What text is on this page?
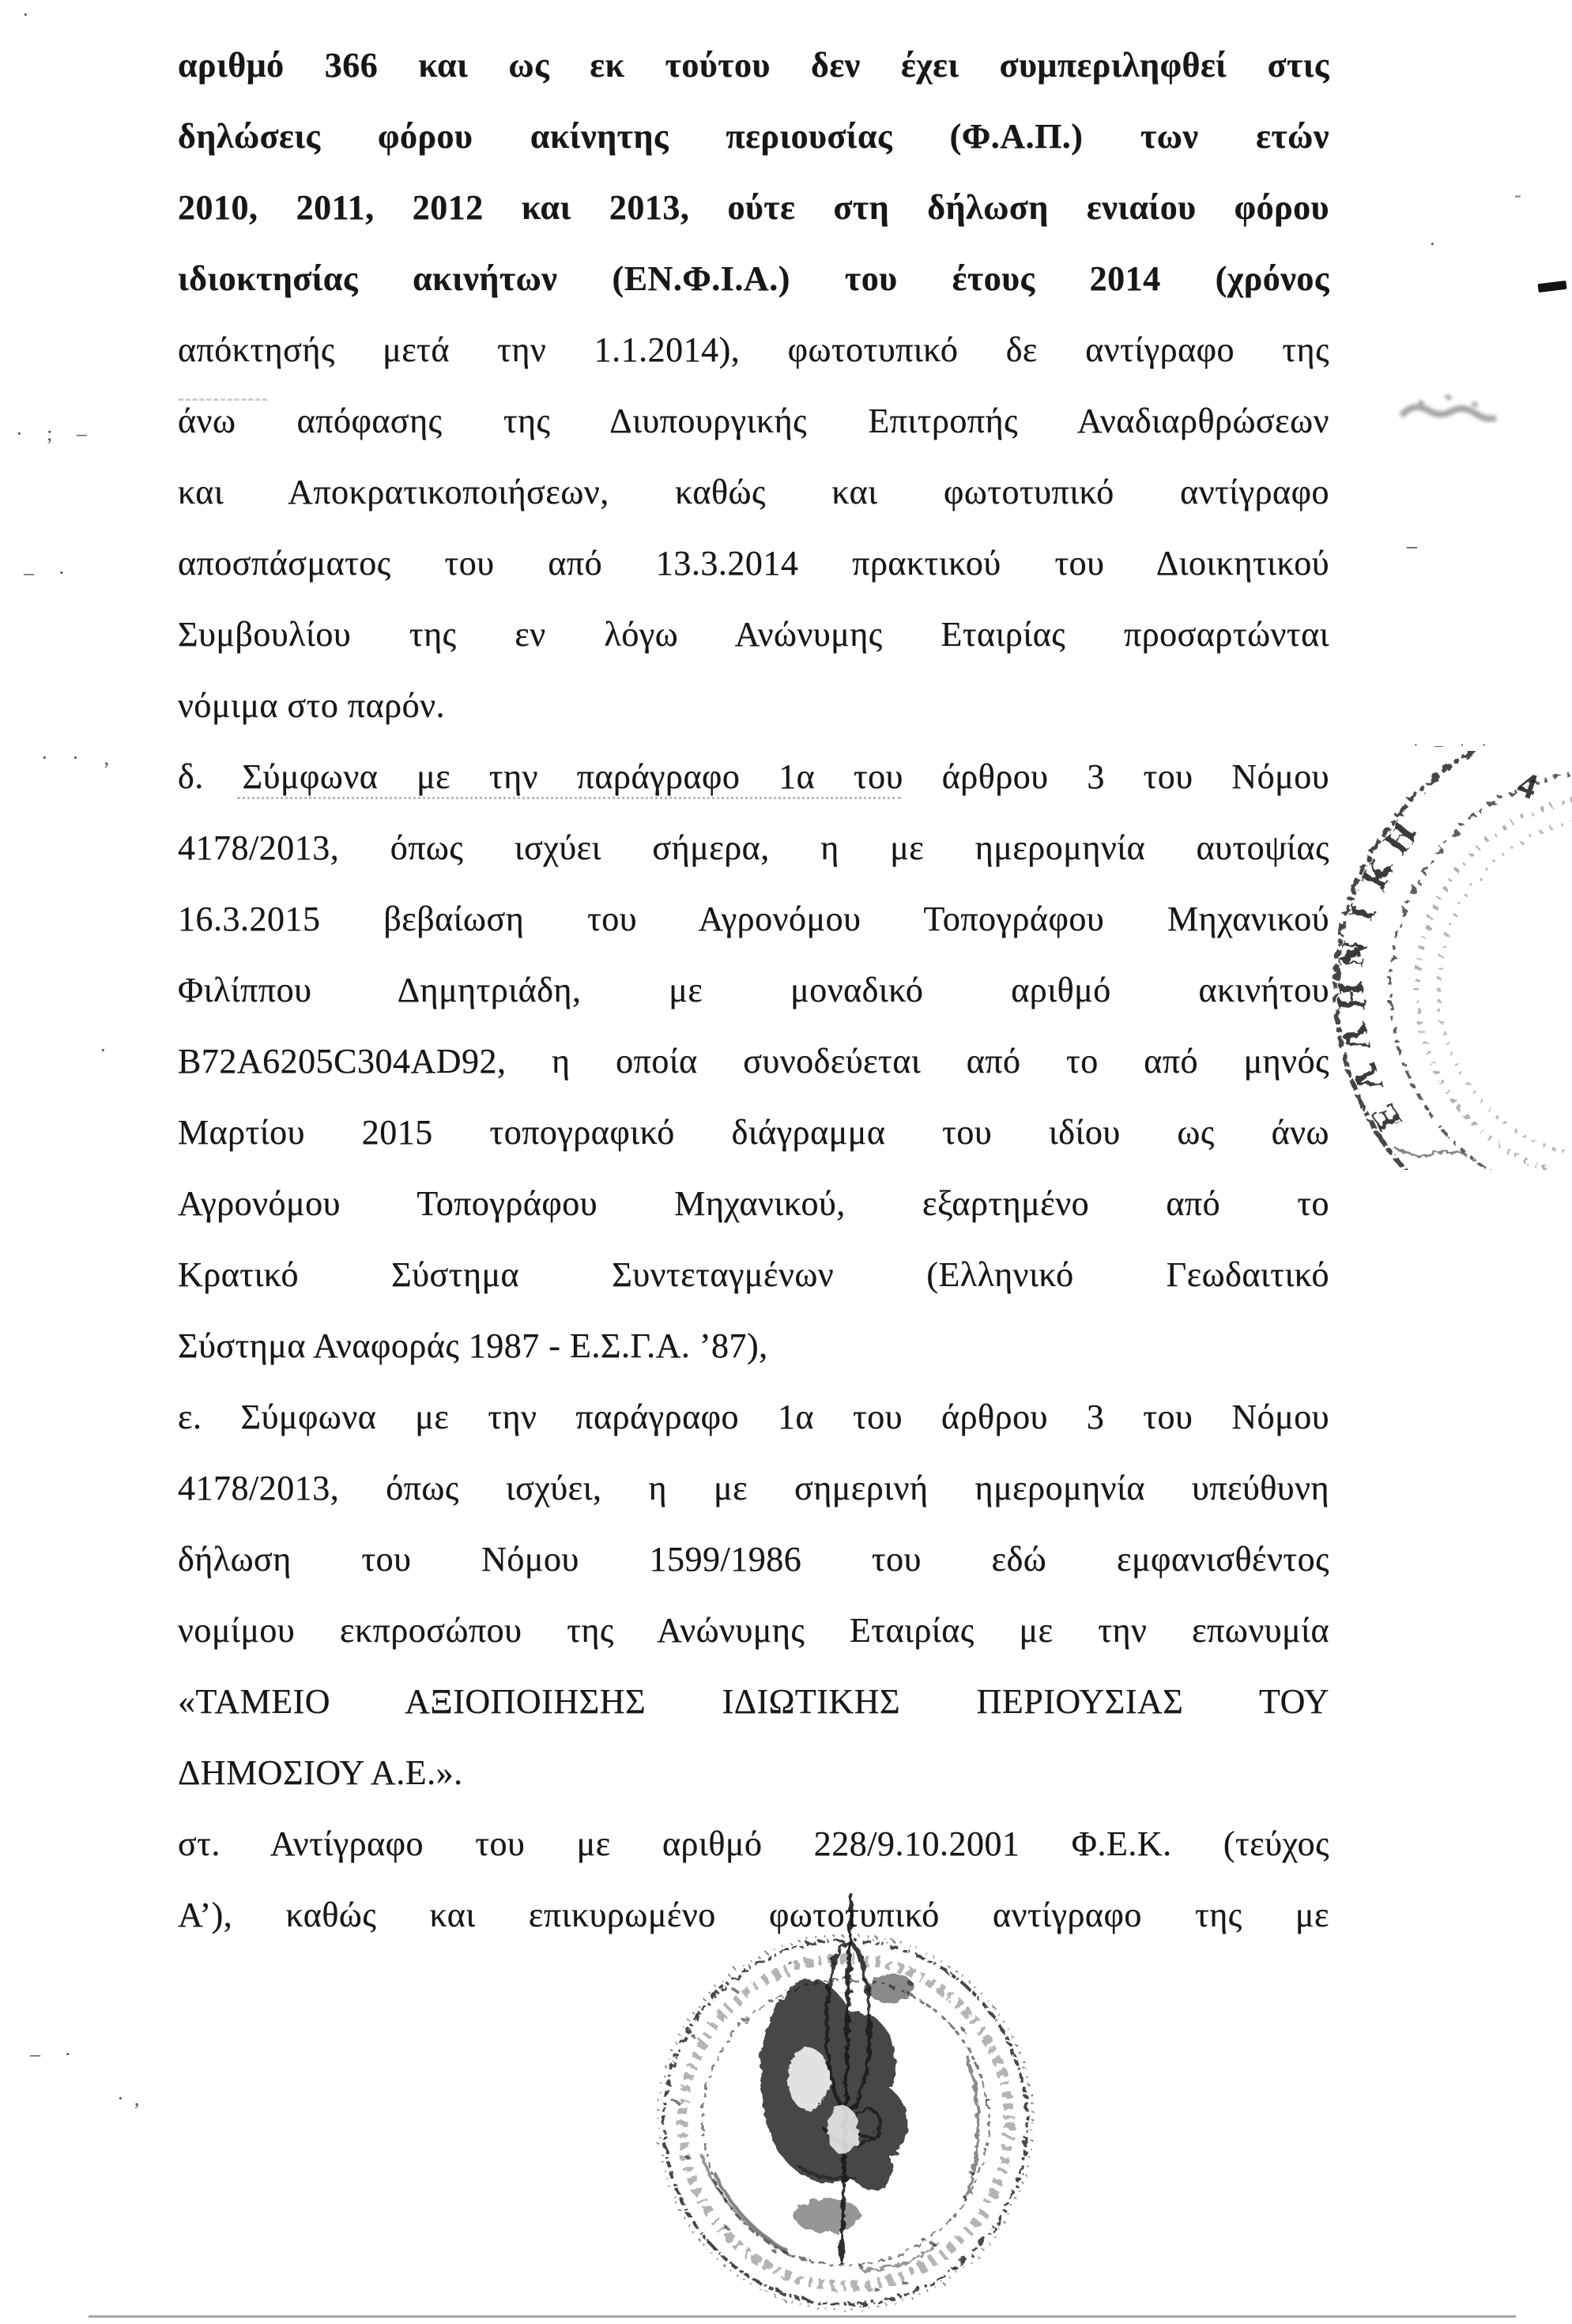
αριθμό 366 και ως εκ τούτου δεν έχει συμπεριληφθεί στις
δηλώσεις φόρου ακίνητης περιουσίας (Φ.Α.Π.) των ετών
2010, 2011, 2012 και 2013, ούτε στη δήλωση ενιαίου φόρου
ιδιοκτησίας ακινήτων (ΕΝ.Φ.Ι.Α.) του έτους 2014 (χρόνος
απόκτησής μετά την 1.1.2014), φωτοτυπικό δε αντίγραφο της
άνω απόφασης της Διυπουργικής Επιτροπής Αναδιαρθρώσεων
και Αποκρατικοποιήσεων, καθώς και φωτοτυπικό αντίγραφο
αποσπάσματος του από 13.3.2014 πρακτικού του Διοικητικού
Συμβουλίου της εν λόγω Ανώνυμης Εταιρίας προσαρτώνται
νόμιμα στο παρόν.
δ. Σύμφωνα με την παράγραφο 1α του άρθρου 3 του Νόμου
4178/2013, όπως ισχύει σήμερα, η με ημερομηνία αυτοψίας
16.3.2015 βεβαίωση του Αγρονόμου Τοπογράφου Μηχανικού
Φιλίππου Δημητριάδη, με μοναδικό αριθμό ακινήτου
B72A6205C304AD92, η οποία συνοδεύεται από το από μηνός
Μαρτίου 2015 τοπογραφικό διάγραμμα του ιδίου ως άνω
Αγρονόμου Τοπογράφου Μηχανικού, εξαρτημένο από το
Κρατικό Σύστημα Συντεταγμένων (Ελληνικό Γεωδαιτικό
Σύστημα Αναφοράς 1987 - Ε.Σ.Γ.Α. ’87),
ε. Σύμφωνα με την παράγραφο 1α του άρθρου 3 του Νόμου
4178/2013, όπως ισχύει, η με σημερινή ημερομηνία υπεύθυνη
δήλωση του Νόμου 1599/1986 του εδώ εμφανισθέντος
νομίμου εκπροσώπου της Ανώνυμης Εταιρίας με την επωνυμία
«ΤΑΜΕΙΟ ΑΞΙΟΠΟΙΗΣΗΣ ΙΔΙΩΤΙΚΗΣ ΠΕΡΙΟΥΣΙΑΣ ΤΟΥ
ΔΗΜΟΣΙΟΥ Α.Ε.».
στ. Αντίγραφο του με αριθμό 228/9.10.2001 Φ.Ε.Κ. (τεύχος
Α’), καθώς και επικυρωμένο φωτοτυπικό αντίγραφο της με
·
· ; –
– ·
· · ‚
·
– ·
·‚
‐
–
· – · ·
·
Ε
Λ
Λ
Η
Ν
Ι
Κ
Η
4
